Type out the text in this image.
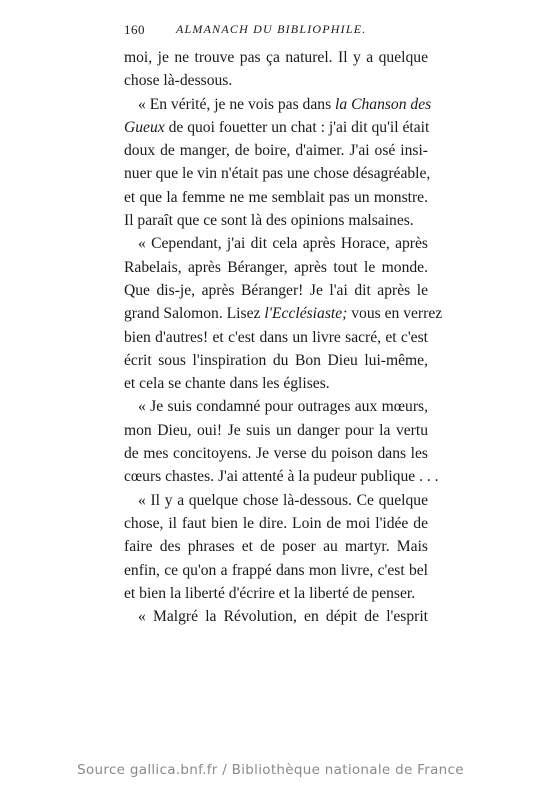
160	ALMANACH DU BIBLIOPHILE.
moi, je ne trouve pas ça naturel. Il y a quelque
chose là-dessous.
« En vérité, je ne vois pas dans la Chanson des
Gueux de quoi fouetter un chat : j'ai dit qu'il était
doux de manger, de boire, d'aimer. J'ai osé insi-
nuer que le vin n'était pas une chose désagréable,
et que la femme ne me semblait pas un monstre.
Il paraît que ce sont là des opinions malsaines.
« Cependant, j'ai dit cela après Horace, après
Rabelais, après Béranger, après tout le monde.
Que dis-je, après Béranger! Je l'ai dit après le
grand Salomon. Lisez l'Ecclésiaste; vous en verrez
bien d'autres! et c'est dans un livre sacré, et c'est
écrit sous l'inspiration du Bon Dieu lui-même,
et cela se chante dans les églises.
« Je suis condamné pour outrages aux mœurs,
mon Dieu, oui! Je suis un danger pour la vertu
de mes concitoyens. Je verse du poison dans les
cœurs chastes. J'ai attenté à la pudeur publique . . .
« Il y a quelque chose là-dessous. Ce quelque
chose, il faut bien le dire. Loin de moi l'idée de
faire des phrases et de poser au martyr. Mais
enfin, ce qu'on a frappé dans mon livre, c'est bel
et bien la liberté d'écrire et la liberté de penser.
« Malgré la Révolution, en dépit de l'esprit
Source gallica.bnf.fr / Bibliothèque nationale de France
